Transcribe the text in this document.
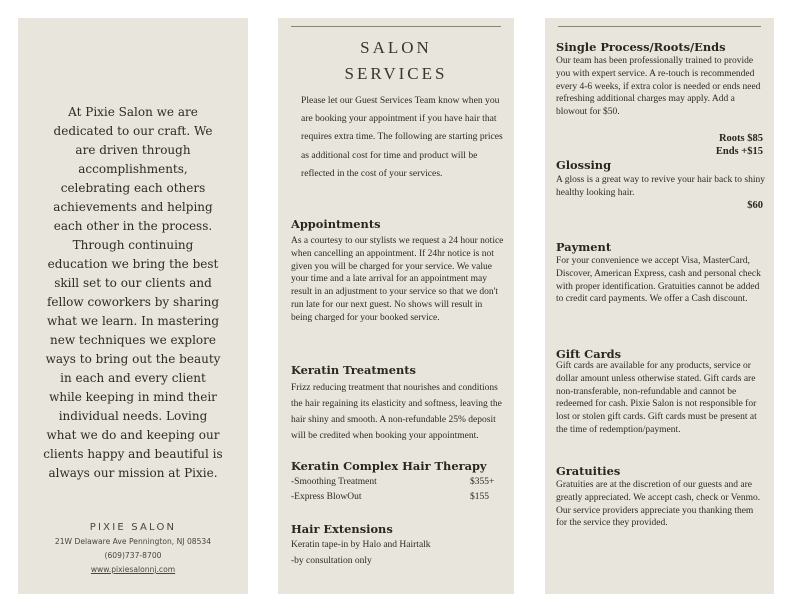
At Pixie Salon we are dedicated to our craft. We are driven through accomplishments, celebrating each others achievements and helping each other in the process. Through continuing education we bring the best skill set to our clients and fellow coworkers by sharing what we learn. In mastering new techniques we explore ways to bring out the beauty in each and every client while keeping in mind their individual needs. Loving what we do and keeping our clients happy and beautiful is always our mission at Pixie.
PIXIE SALON
21W Delaware Ave Pennington, NJ 08534
(609)737-8700
www.pixiesalonnj.com
SALON
SERVICES
Please let our Guest Services Team know when you are booking your appointment if you have hair that requires extra time. The following are starting prices as additional cost for time and product will be reflected in the cost of your services.
Appointments
As a courtesy to our stylists we request a 24 hour notice when cancelling an appointment. If 24hr notice is not given you will be charged for your service. We value your time and a late arrival for an appointment may result in an adjustment to your service so that we don't run late for our next guest. No shows will result in being charged for your booked service.
Keratin Treatments
Frizz reducing treatment that nourishes and conditions the hair regaining its elasticity and softness, leaving the hair shiny and smooth. A non-refundable 25% deposit will be credited when booking your appointment.
Keratin Complex Hair Therapy
-Smoothing Treatment	$355+
-Express BlowOut	$155
Hair Extensions
Keratin tape-in by Halo and Hairtalk
-by consultation only
Single Process/Roots/Ends
Our team has been professionally trained to provide you with expert service. A re-touch is recommended every 4-6 weeks, if extra color is needed or ends need refreshing additional charges may apply. Add a blowout for $50.
Roots $85
Ends +$15
Glossing
A gloss is a great way to revive your hair back to shiny healthy looking hair.
$60
Payment
For your convenience we accept Visa, MasterCard, Discover, American Express, cash and personal check with proper identification. Gratuities cannot be added to credit card payments. We offer a Cash discount.
Gift Cards
Gift cards are available for any products, service or dollar amount unless otherwise stated. Gift cards are non-transferable, non-refundable and cannot be redeemed for cash. Pixie Salon is not responsible for lost or stolen gift cards. Gift cards must be present at the time of redemption/payment.
Gratuities
Gratuities are at the discretion of our guests and are greatly appreciated. We accept cash, check or Venmo. Our service providers appreciate you thanking them for the service they provided.
